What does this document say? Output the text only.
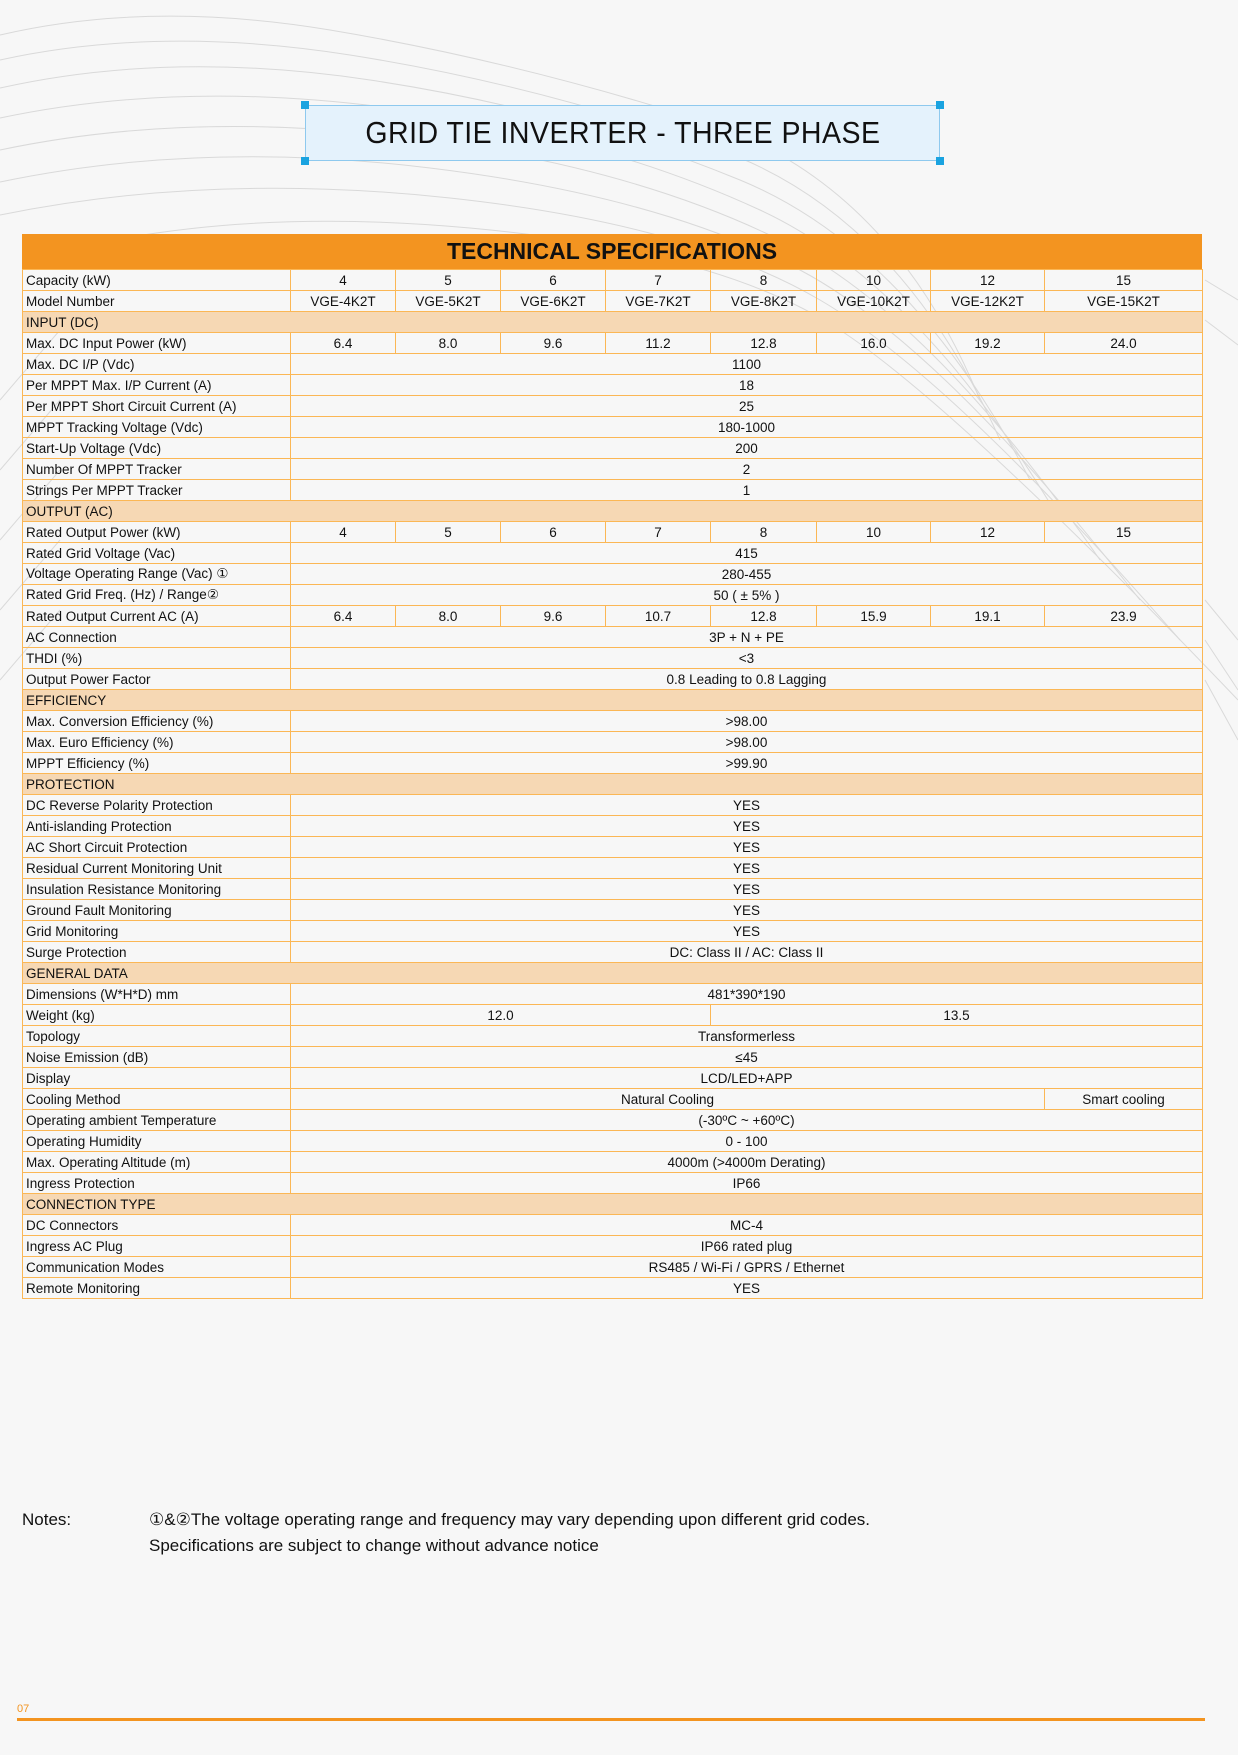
GRID TIE INVERTER - THREE PHASE
TECHNICAL SPECIFICATIONS
Capacity (kW)	4	5	6	7	8	10	12	15
Model Number	VGE-4K2T	VGE-5K2T	VGE-6K2T	VGE-7K2T	VGE-8K2T	VGE-10K2T	VGE-12K2T	VGE-15K2T
INPUT (DC)								
Max. DC Input Power (kW)	6.4	8.0	9.6	11.2	12.8	16.0	19.2	24.0
Max. DC I/P (Vdc)	1100							
Per MPPT Max. I/P Current (A)	18							
Per MPPT Short Circuit Current (A)	25							
MPPT Tracking Voltage (Vdc)	180-1000							
Start-Up Voltage (Vdc)	200							
Number Of MPPT Tracker	2							
Strings Per MPPT Tracker	1							
OUTPUT (AC)								
Rated Output Power (kW)	4	5	6	7	8	10	12	15
Rated Grid Voltage (Vac)	415							
Voltage Operating Range (Vac) ①	280-455							
Rated Grid Freq. (Hz) / Range②	50 ( ± 5% )							
Rated Output Current AC (A)	6.4	8.0	9.6	10.7	12.8	15.9	19.1	23.9
AC Connection	3P + N + PE							
THDI (%)	<3							
Output Power Factor	0.8 Leading to 0.8 Lagging							
EFFICIENCY								
Max. Conversion Efficiency (%)	>98.00							
Max. Euro Efficiency (%)	>98.00							
MPPT Efficiency (%)	>99.90							
PROTECTION								
DC Reverse Polarity Protection	YES							
Anti-islanding Protection	YES							
AC Short Circuit Protection	YES							
Residual Current Monitoring Unit	YES							
Insulation Resistance Monitoring	YES							
Ground Fault Monitoring	YES							
Grid Monitoring	YES							
Surge Protection	DC: Class II / AC: Class II							
GENERAL DATA								
Dimensions (W*H*D) mm	481*390*190							
Weight (kg)	12.0				13.5			
Topology	Transformerless							
Noise Emission (dB)	≤45							
Display	LCD/LED+APP							
Cooling Method	Natural Cooling							Smart cooling
Operating ambient Temperature	(-30ºC ~ +60ºC)							
Operating Humidity	0 - 100							
Max. Operating Altitude (m)	4000m (>4000m Derating)							
Ingress Protection	IP66							
CONNECTION TYPE								
DC Connectors	MC-4							
Ingress AC Plug	IP66 rated plug							
Communication Modes	RS485 / Wi-Fi / GPRS / Ethernet							
Remote Monitoring	YES							
Notes:	①&②The voltage operating range and frequency may vary depending upon different grid codes.
Specifications are subject to change without advance notice
07
